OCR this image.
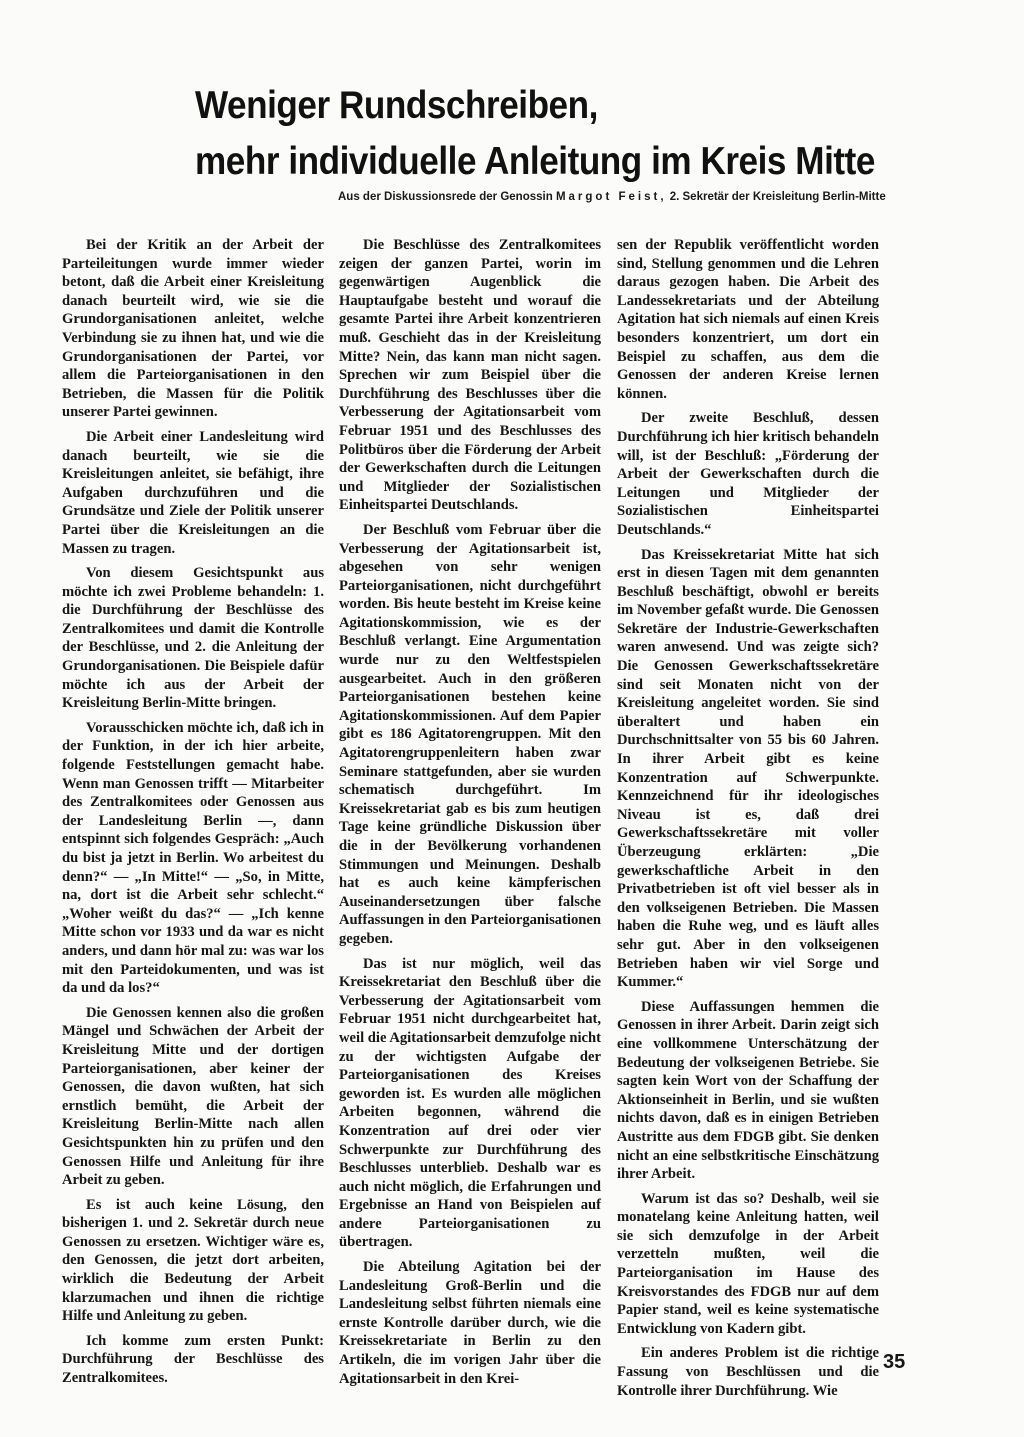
Weniger Rundschreiben,
mehr individuelle Anleitung im Kreis Mitte
Aus der Diskussionsrede der Genossin Margot Feist, 2. Sekretär der Kreisleitung Berlin-Mitte

Bei der Kritik an der Arbeit der Parteileitungen wurde immer wieder betont, daß die Arbeit einer Kreisleitung danach beurteilt wird, wie sie die Grundorganisationen anleitet, welche Verbindung sie zu ihnen hat, und wie die Grundorganisationen der Partei, vor allem die Parteiorganisationen in den Betrieben, die Massen für die Politik unserer Partei gewinnen.

Die Arbeit einer Landesleitung wird danach beurteilt, wie sie die Kreisleitungen anleitet, sie befähigt, ihre Aufgaben durchzuführen und die Grundsätze und Ziele der Politik unserer Partei über die Kreisleitungen an die Massen zu tragen.

Von diesem Gesichtspunkt aus möchte ich zwei Probleme behandeln: 1. die Durchführung der Beschlüsse des Zentralkomitees und damit die Kontrolle der Beschlüsse, und 2. die Anleitung der Grundorganisationen. Die Beispiele dafür möchte ich aus der Arbeit der Kreisleitung Berlin-Mitte bringen.

Vorausschicken möchte ich, daß ich in der Funktion, in der ich hier arbeite, folgende Feststellungen gemacht habe. Wenn man Genossen trifft — Mitarbeiter des Zentralkomitees oder Genossen aus der Landesleitung Berlin —, dann entspinnt sich folgendes Gespräch: „Auch du bist ja jetzt in Berlin. Wo arbeitest du denn?“ — „In Mitte!“ — „So, in Mitte, na, dort ist die Arbeit sehr schlecht.“ „Woher weißt du das?“ — „Ich kenne Mitte schon vor 1933 und da war es nicht anders, und dann hör mal zu: was war los mit den Parteidokumenten, und was ist da und da los?“

Die Genossen kennen also die großen Mängel und Schwächen der Arbeit der Kreisleitung Mitte und der dortigen Parteiorganisationen, aber keiner der Genossen, die davon wußten, hat sich ernstlich bemüht, die Arbeit der Kreisleitung Berlin-Mitte nach allen Gesichtspunkten hin zu prüfen und den Genossen Hilfe und Anleitung für ihre Arbeit zu geben.

Es ist auch keine Lösung, den bisherigen 1. und 2. Sekretär durch neue Genossen zu ersetzen. Wichtiger wäre es, den Genossen, die jetzt dort arbeiten, wirklich die Bedeutung der Arbeit klarzumachen und ihnen die richtige Hilfe und Anleitung zu geben.

Ich komme zum ersten Punkt: Durchführung der Beschlüsse des Zentralkomitees.

Die Beschlüsse des Zentralkomitees zeigen der ganzen Partei, worin im gegenwärtigen Augenblick die Hauptaufgabe besteht und worauf die gesamte Partei ihre Arbeit konzentrieren muß. Geschieht das in der Kreisleitung Mitte? Nein, das kann man nicht sagen. Sprechen wir zum Beispiel über die Durchführung des Beschlusses über die Verbesserung der Agitationsarbeit vom Februar 1951 und des Beschlusses des Politbüros über die Förderung der Arbeit der Gewerkschaften durch die Leitungen und Mitglieder der Sozialistischen Einheitspartei Deutschlands.

Der Beschluß vom Februar über die Verbesserung der Agitationsarbeit ist, abgesehen von sehr wenigen Parteiorganisationen, nicht durchgeführt worden. Bis heute besteht im Kreise keine Agitationskommission, wie es der Beschluß verlangt. Eine Argumentation wurde nur zu den Weltfestspielen ausgearbeitet. Auch in den größeren Parteiorganisationen bestehen keine Agitationskommissionen. Auf dem Papier gibt es 186 Agitatorengruppen. Mit den Agitatorengruppenleitern haben zwar Seminare stattgefunden, aber sie wurden schematisch durchgeführt. Im Kreissekretariat gab es bis zum heutigen Tage keine gründliche Diskussion über die in der Bevölkerung vorhandenen Stimmungen und Meinungen. Deshalb hat es auch keine kämpferischen Auseinandersetzungen über falsche Auffassungen in den Parteiorganisationen gegeben.

Das ist nur möglich, weil das Kreissekretariat den Beschluß über die Verbesserung der Agitationsarbeit vom Februar 1951 nicht durchgearbeitet hat, weil die Agitationsarbeit demzufolge nicht zu der wichtigsten Aufgabe der Parteiorganisationen des Kreises geworden ist. Es wurden alle möglichen Arbeiten begonnen, während die Konzentration auf drei oder vier Schwerpunkte zur Durchführung des Beschlusses unterblieb. Deshalb war es auch nicht möglich, die Erfahrungen und Ergebnisse an Hand von Beispielen auf andere Parteiorganisationen zu übertragen.

Die Abteilung Agitation bei der Landesleitung Groß-Berlin und die Landesleitung selbst führten niemals eine ernste Kontrolle darüber durch, wie die Kreissekretariate in Berlin zu den Artikeln, die im vorigen Jahr über die Agitationsarbeit in den Krei-

sen der Republik veröffentlicht worden sind, Stellung genommen und die Lehren daraus gezogen haben. Die Arbeit des Landessekretariats und der Abteilung Agitation hat sich niemals auf einen Kreis besonders konzentriert, um dort ein Beispiel zu schaffen, aus dem die Genossen der anderen Kreise lernen können.

Der zweite Beschluß, dessen Durchführung ich hier kritisch behandeln will, ist der Beschluß: „Förderung der Arbeit der Gewerkschaften durch die Leitungen und Mitglieder der Sozialistischen Einheitspartei Deutschlands.“

Das Kreissekretariat Mitte hat sich erst in diesen Tagen mit dem genannten Beschluß beschäftigt, obwohl er bereits im November gefaßt wurde. Die Genossen Sekretäre der Industrie-Gewerkschaften waren anwesend. Und was zeigte sich? Die Genossen Gewerkschaftssekretäre sind seit Monaten nicht von der Kreisleitung angeleitet worden. Sie sind überaltert und haben ein Durchschnittsalter von 55 bis 60 Jahren. In ihrer Arbeit gibt es keine Konzentration auf Schwerpunkte. Kennzeichnend für ihr ideologisches Niveau ist es, daß drei Gewerkschaftssekretäre mit voller Überzeugung erklärten: „Die gewerkschaftliche Arbeit in den Privatbetrieben ist oft viel besser als in den volkseigenen Betrieben. Die Massen haben die Ruhe weg, und es läuft alles sehr gut. Aber in den volkseigenen Betrieben haben wir viel Sorge und Kummer.“

Diese Auffassungen hemmen die Genossen in ihrer Arbeit. Darin zeigt sich eine vollkommene Unterschätzung der Bedeutung der volkseigenen Betriebe. Sie sagten kein Wort von der Schaffung der Aktionseinheit in Berlin, und sie wußten nichts davon, daß es in einigen Betrieben Austritte aus dem FDGB gibt. Sie denken nicht an eine selbstkritische Einschätzung ihrer Arbeit.

Warum ist das so? Deshalb, weil sie monatelang keine Anleitung hatten, weil sie sich demzufolge in der Arbeit verzetteln mußten, weil die Parteiorganisation im Hause des Kreisvorstandes des FDGB nur auf dem Papier stand, weil es keine systematische Entwicklung von Kadern gibt.

Ein anderes Problem ist die richtige Fassung von Beschlüssen und die Kontrolle ihrer Durchführung. Wie

35
